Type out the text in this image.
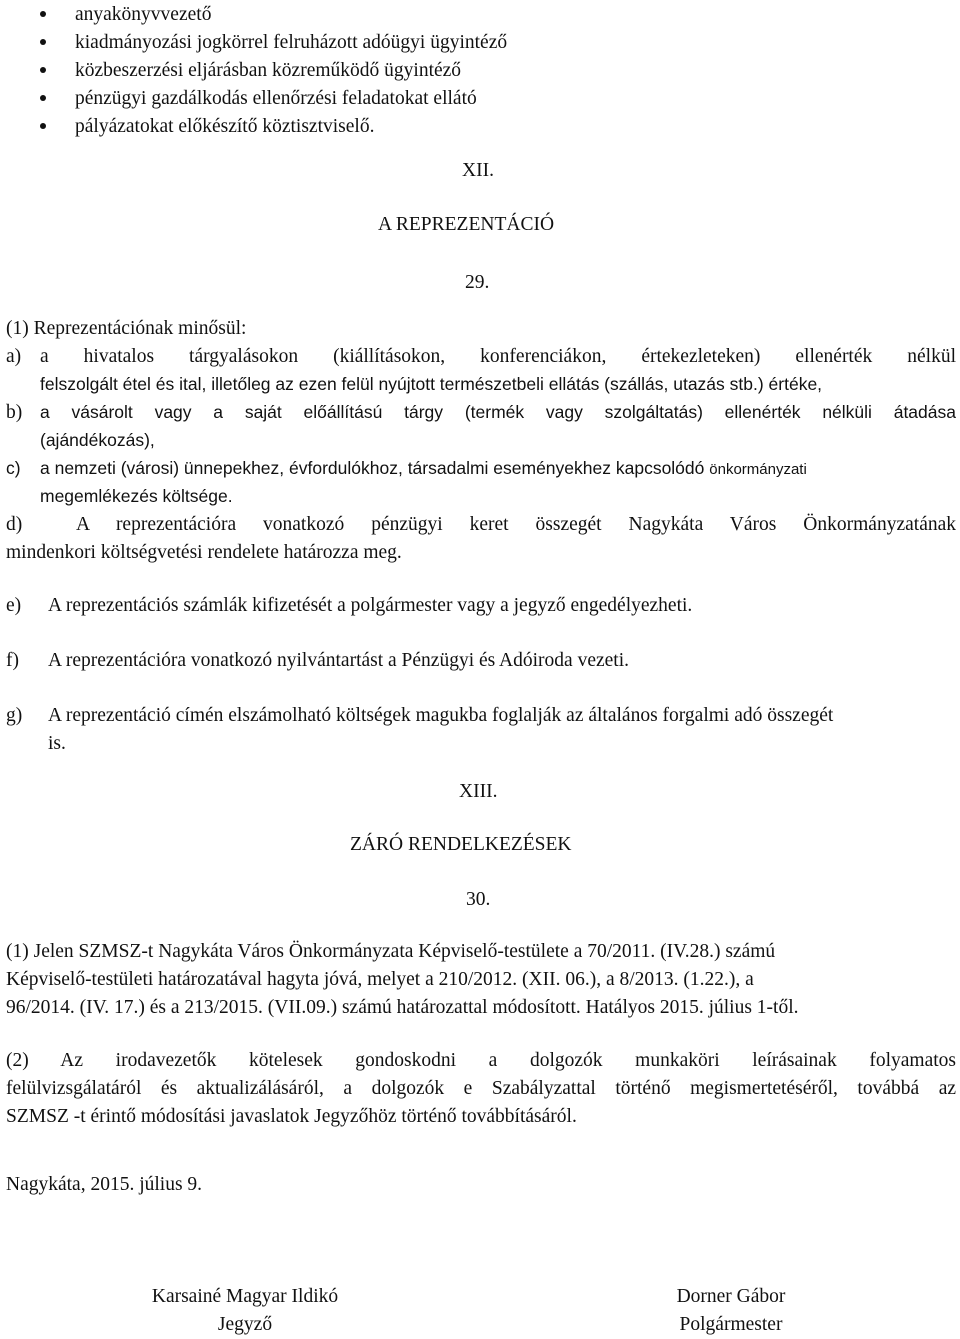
anyakönyvvezető
kiadmányozási jogkörrel felruházott adóügyi ügyintéző
közbeszerzési eljárásban közreműködő ügyintéző
pénzügyi gazdálkodás ellenőrzési feladatokat ellátó
pályázatokat előkészítő köztisztviselő.
XII.
A REPREZENTÁCIÓ
29.
(1) Reprezentációnak minősül:
a) a hivatalos tárgyalásokon (kiállításokon, konferenciákon, értekezleteken) ellenérték nélkül
felszolgált étel és ital, illetőleg az ezen felül nyújtott természetbeli ellátás (szállás, utazás stb.) értéke,
b) a vásárolt vagy a saját előállítású tárgy (termék vagy szolgáltatás) ellenérték nélküli átadása
(ajándékozás),
c) a nemzeti (városi) ünnepekhez, évfordulókhoz, társadalmi eseményekhez kapcsolódó önkormányzati
megemlékezés költsége.
d)	A reprezentációra vonatkozó pénzügyi keret összegét Nagykáta Város Önkormányzatának
mindenkori költségvetési rendelete határozza meg.
e) A reprezentációs számlák kifizetését a polgármester vagy a jegyző engedélyezheti.
f) A reprezentációra vonatkozó nyilvántartást a Pénzügyi és Adóiroda vezeti.
g) A reprezentáció címén elszámolható költségek magukba foglalják az általános forgalmi adó összegét
is.
XIII.
ZÁRÓ RENDELKEZÉSEK
30.
(1) Jelen SZMSZ-t Nagykáta Város Önkormányzata Képviselő-testülete a 70/2011. (IV.28.) számú
Képviselő-testületi határozatával hagyta jóvá, melyet a 210/2012. (XII. 06.), a 8/2013. (1.22.), a
96/2014. (IV. 17.) és a 213/2015. (VII.09.) számú határozattal módosított. Hatályos 2015. július 1-től.
(2) Az irodavezetők kötelesek gondoskodni a dolgozók munkaköri leírásainak folyamatos
felülvizsgálatáról és aktualizálásáról, a dolgozók e Szabályzattal történő megismertetéséről, továbbá az
SZMSZ -t érintő módosítási javaslatok Jegyzőhöz történő továbbításáról.
Nagykáta, 2015. július 9.
Karsainé Magyar Ildikó
Jegyző
Dorner Gábor
Polgármester
